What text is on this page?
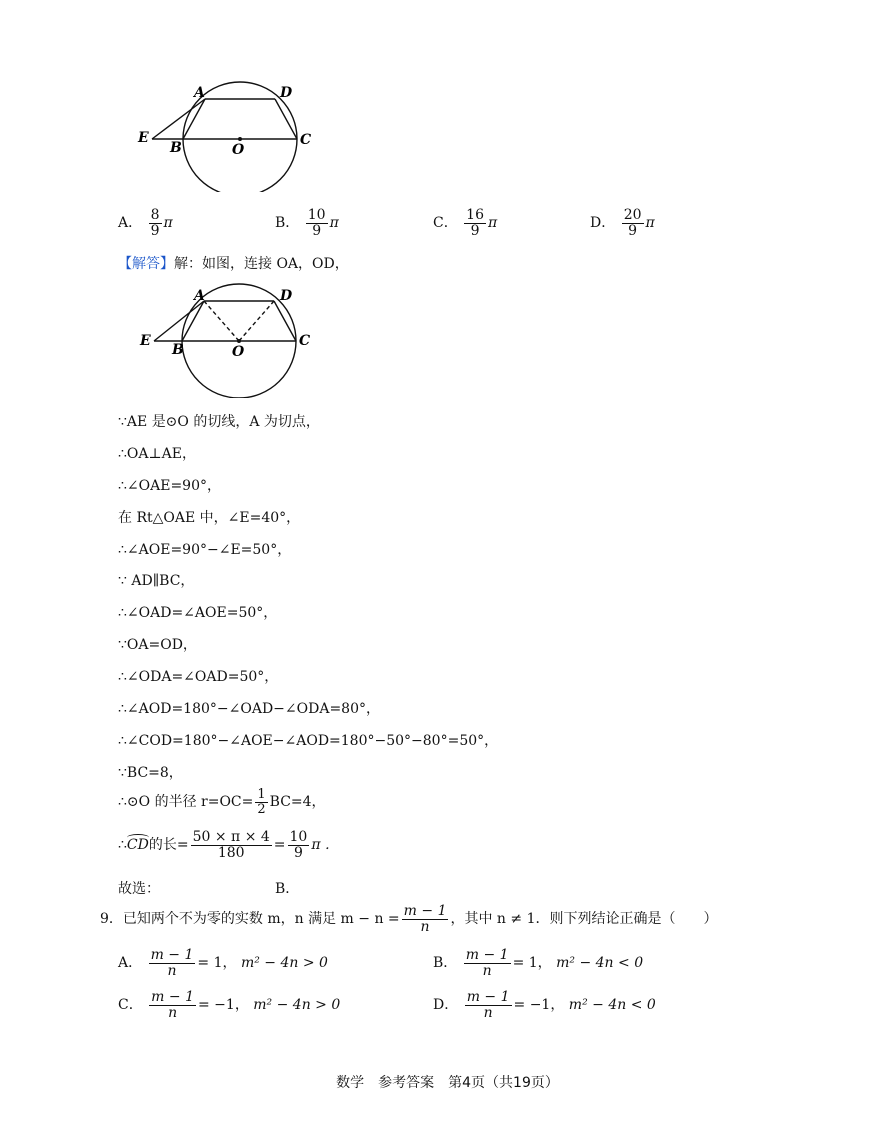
A	D
E
B	O
C
A． $\frac{8}{9}$ π	B． $\frac{10}{9}$ π	C． $\frac{16}{9}$ π	D． $\frac{20}{9}$ π
【解答】解：如图，连接 OA，OD，
A	D
E
B	O
C
∵AE 是⊙O 的切线，A 为切点，
∴OA⊥AE，
∴∠OAE=90°，
在 Rt△OAE 中，∠E=40°，
∴∠AOE=90°−∠E=50°，
∵ AD∥BC，
∴∠OAD=∠AOE=50°，
∵OA=OD，
∴∠ODA=∠OAD=50°，
∴∠AOD=180°−∠OAD−∠ODA=80°，
∴∠COD=180°−∠AOE−∠AOD=180°−50°−80°=50°，
∵BC=8，
∴⊙O 的半径 $r=OC= \frac{1}{2} BC=4$，
∴
CD的长= $\frac{50 \times \pi \times 4}{180} = \frac{10}{9}$ π ．
故选：	B．
9．已知两个不为零的实数 m，n 满足 $m - n = \frac{m - 1}{n}$ ，其中 n ≠ 1．则下列结论正确是（　　）
A． $\frac{m - 1}{n} = 1$， m² − 4n > 0	B． $\frac{m - 1}{n} = 1$， m² − 4n < 0
C． $\frac{m - 1}{n} = -1$， m² − 4n > 0	D． $\frac{m - 1}{n} = -1$， m² − 4n < 0
数学　参考答案　第4页（共19页）
